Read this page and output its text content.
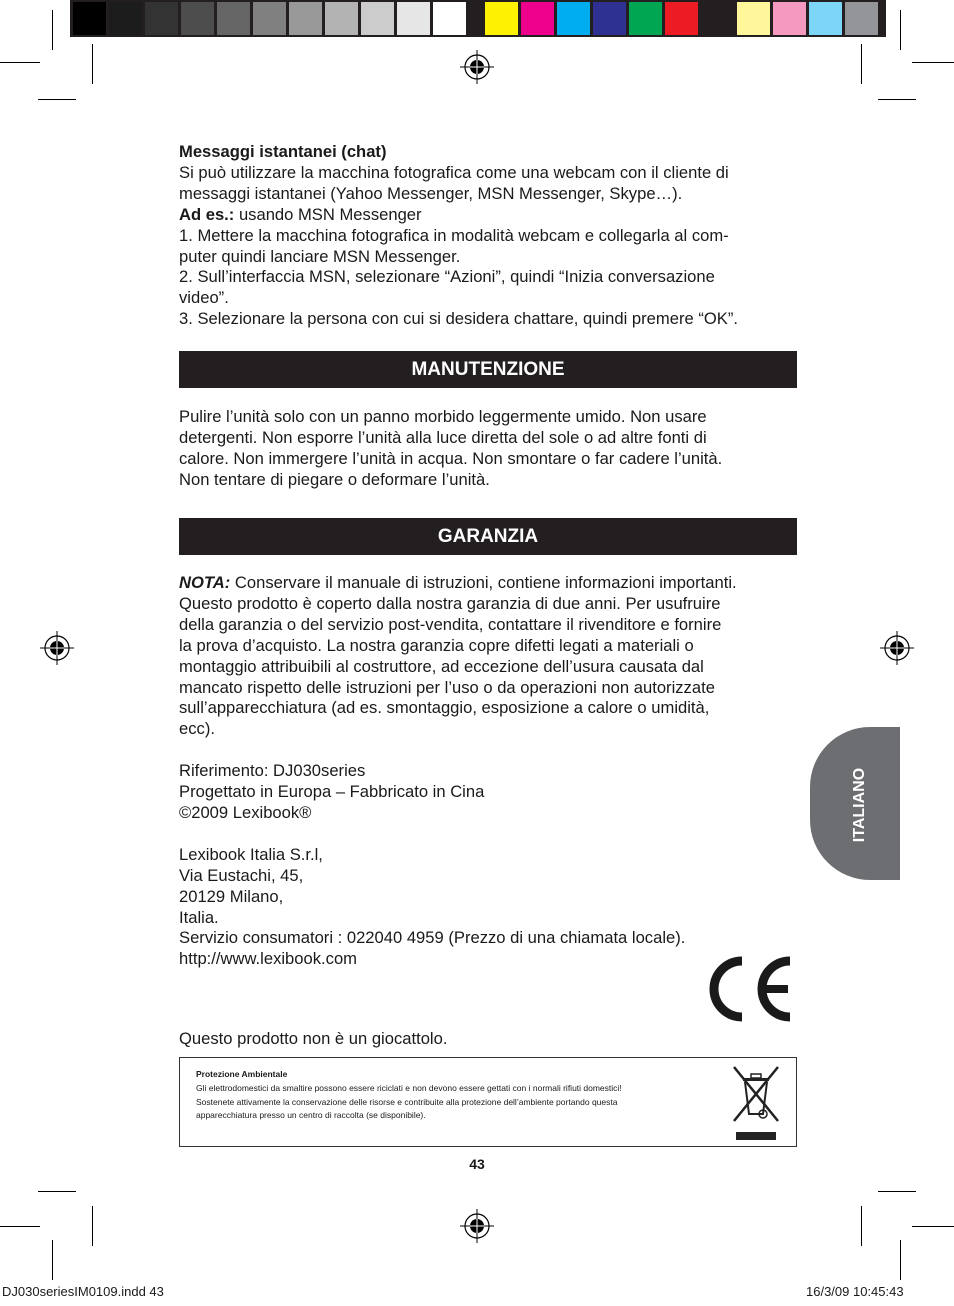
Messaggi istantanei (chat)

Si può utilizzare la macchina fotografica come una webcam con il cliente di

messaggi istantanei (Yahoo Messenger, MSN Messenger, Skype…).

Ad es.: usando MSN Messenger

1. Mettere la macchina fotografica in modalità webcam e collegarla al com-

puter quindi lanciare MSN Messenger.

2. Sull’interfaccia MSN, selezionare “Azioni”, quindi “Inizia conversazione

video”.

3. Selezionare la persona con cui si desidera chattare, quindi premere “OK”.

MANUTENZIONE

Pulire l’unità solo con un panno morbido leggermente umido. Non usare

detergenti. Non esporre l’unità alla luce diretta del sole o ad altre fonti di

calore. Non immergere l’unità in acqua. Non smontare o far cadere l’unità.

Non tentare di piegare o deformare l’unità.

GARANZIA

NOTA: Conservare il manuale di istruzioni, contiene informazioni importanti.

Questo prodotto è coperto dalla nostra garanzia di due anni. Per usufruire

della garanzia o del servizio post-vendita, contattare il rivenditore e fornire

la prova d’acquisto. La nostra garanzia copre difetti legati a materiali o

montaggio attribuibili al costruttore, ad eccezione dell’usura causata dal

mancato rispetto delle istruzioni per l’uso o da operazioni non autorizzate

sull’apparecchiatura (ad es. smontaggio, esposizione a calore o umidità,

ecc).

Riferimento: DJ030series

Progettato in Europa – Fabbricato in Cina

©2009 Lexibook®

Lexibook Italia S.r.l,

Via Eustachi, 45,

20129 Milano,

Italia.

Servizio consumatori : 022040 4959 (Prezzo di una chiamata locale).

http://www.lexibook.com

Questo prodotto non è un giocattolo.
Protezione Ambientale
Gli elettrodomestici da smaltire possono essere riciclati e non devono essere gettati con i normali rifiuti domestici!
Sostenete attivamente la conservazione delle risorse e contribuite alla protezione dell’ambiente portando questa
apparecchiatura presso un centro di raccolta (se disponibile).
43
ITALIANO
DJ030seriesIM0109.indd 43	16/3/09 10:45:43
